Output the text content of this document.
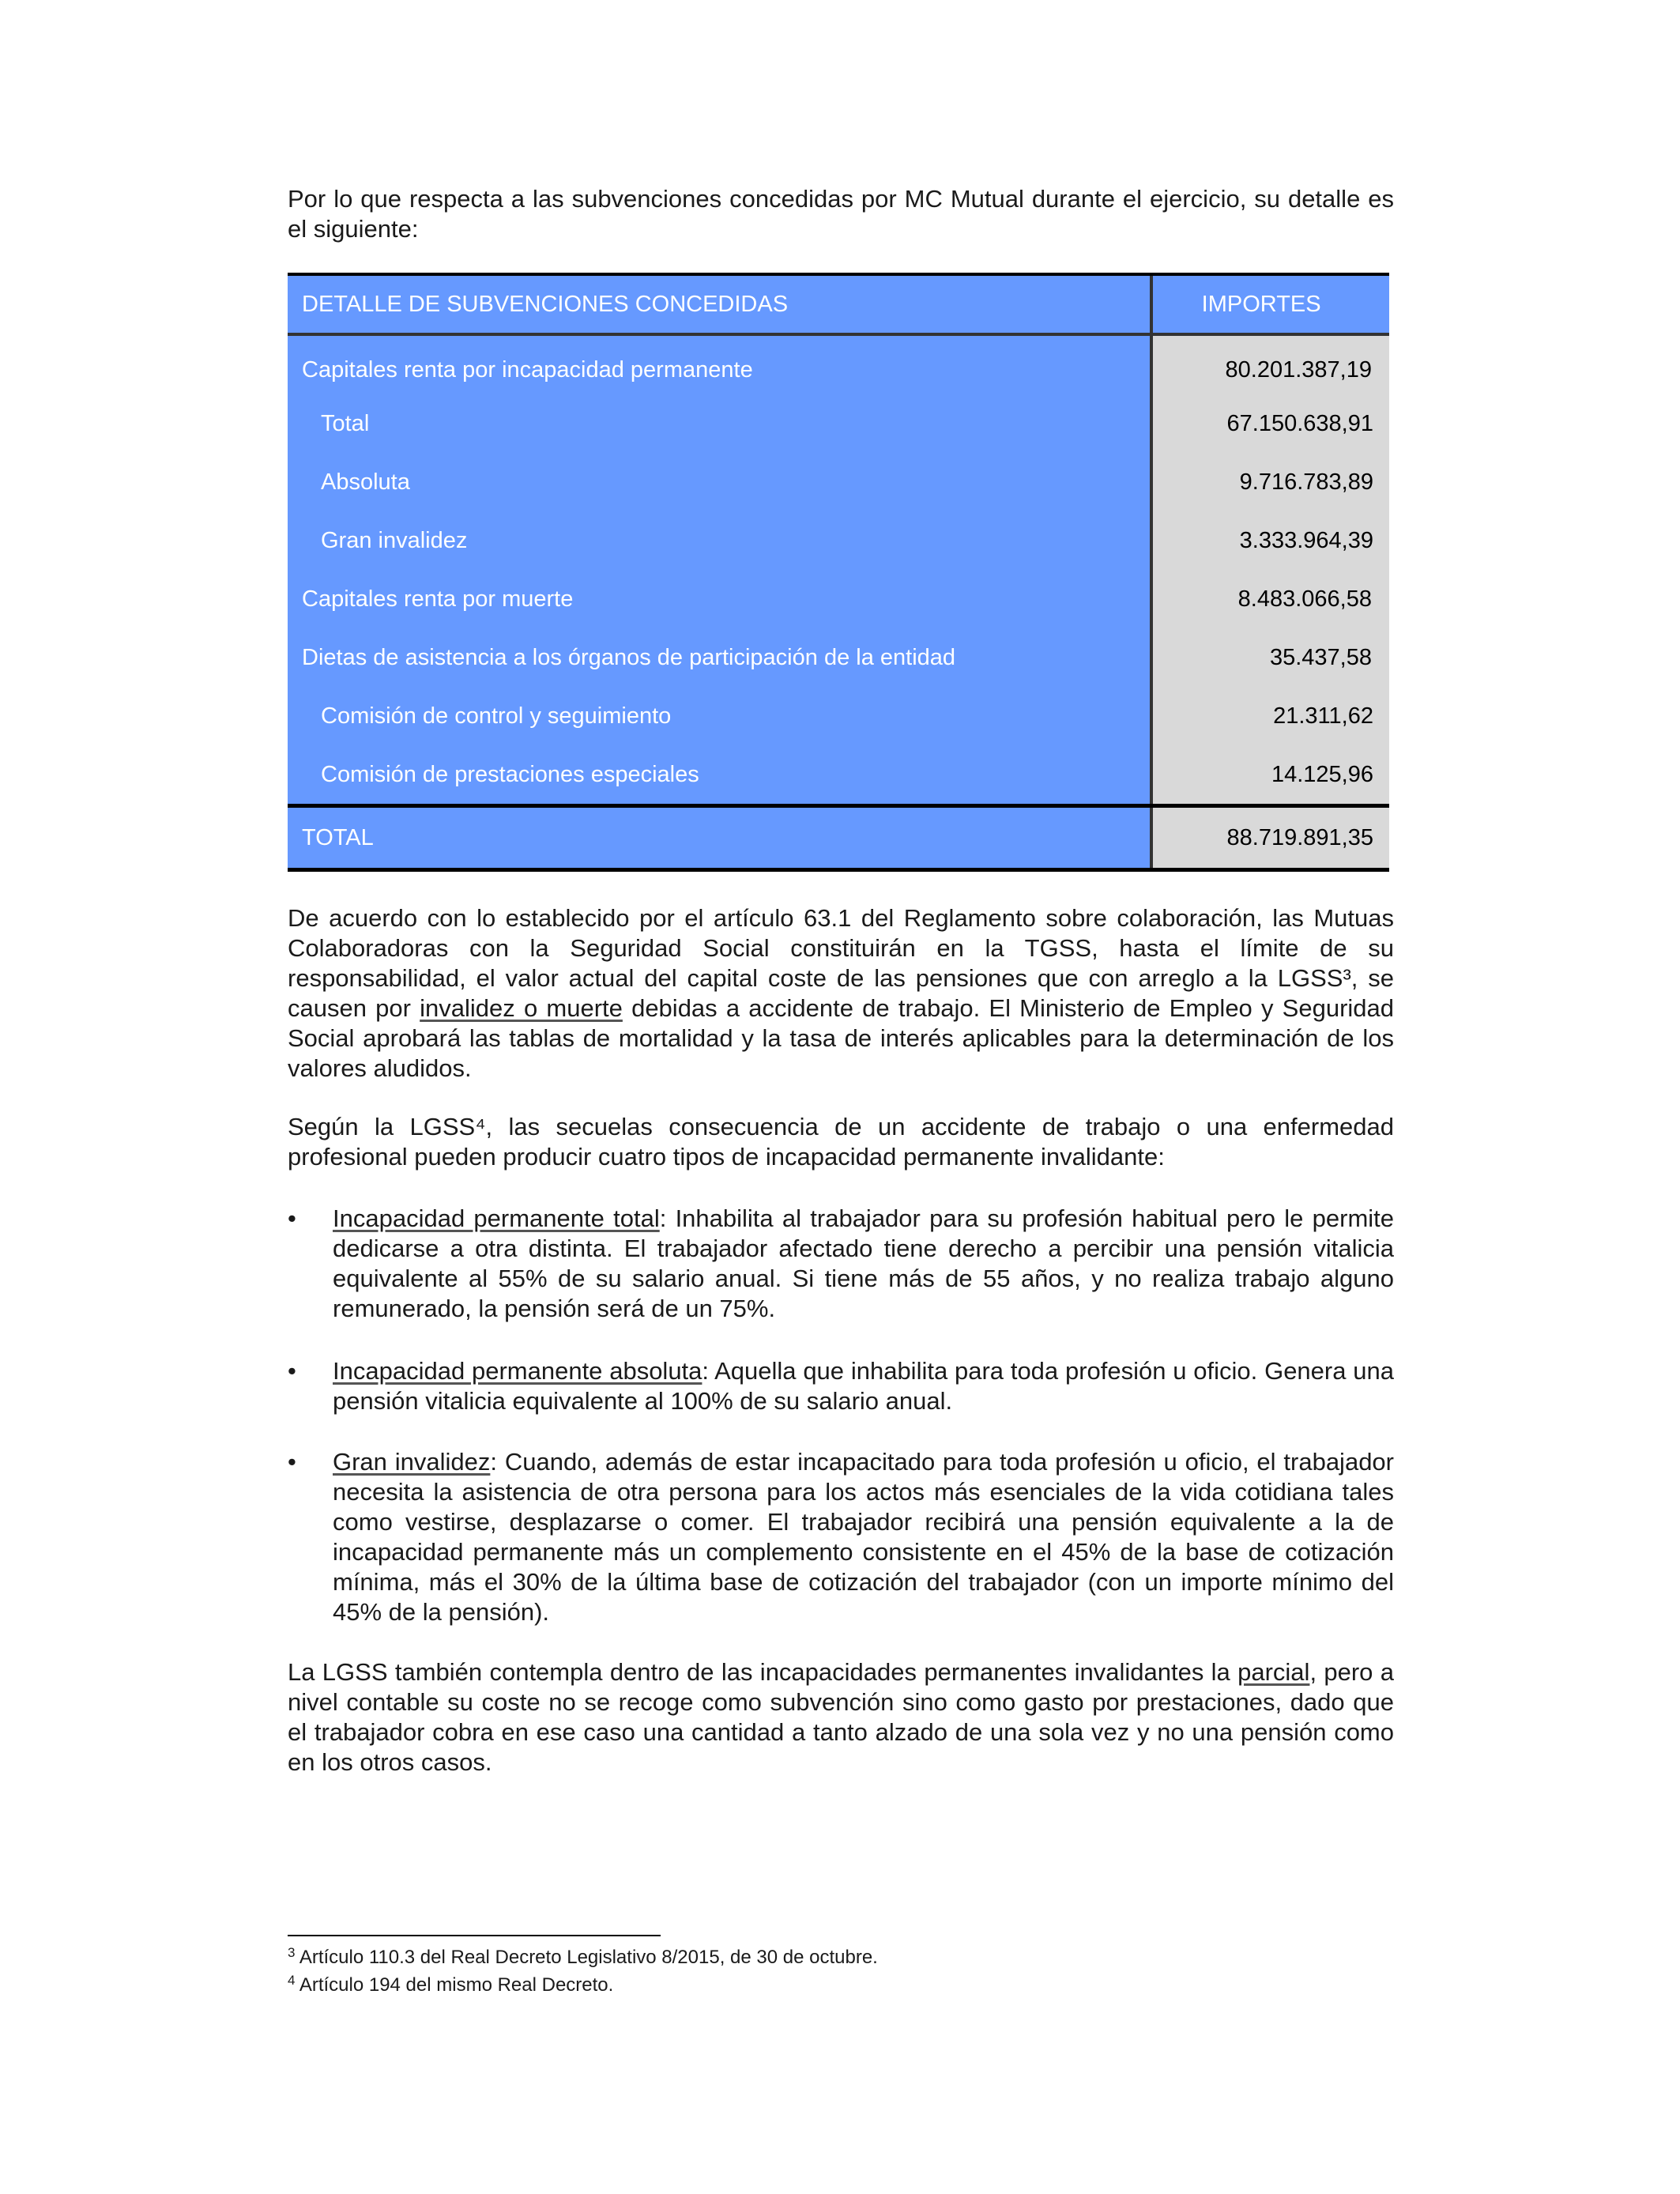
Por lo que respecta a las subvenciones concedidas por MC Mutual durante el ejercicio, su detalle es el siguiente:

DETALLE DE SUBVENCIONES CONCEDIDAS	IMPORTES
Capitales renta por incapacidad permanente	80.201.387,19
Total	67.150.638,91
Absoluta	9.716.783,89
Gran invalidez	3.333.964,39
Capitales renta por muerte	8.483.066,58
Dietas de asistencia a los órganos de participación de la entidad	35.437,58
Comisión de control y seguimiento	21.311,62
Comisión de prestaciones especiales	14.125,96
TOTAL	88.719.891,35

De acuerdo con lo establecido por el artículo 63.1 del Reglamento sobre colaboración, las Mutuas Colaboradoras con la Seguridad Social constituirán en la TGSS, hasta el límite de su responsabilidad, el valor actual del capital coste de las pensiones que con arreglo a la LGSS³, se causen por invalidez o muerte debidas a accidente de trabajo. El Ministerio de Empleo y Seguridad Social aprobará las tablas de mortalidad y la tasa de interés aplicables para la determinación de los valores aludidos.

Según la LGSS⁴, las secuelas consecuencia de un accidente de trabajo o una enfermedad profesional pueden producir cuatro tipos de incapacidad permanente invalidante:

• Incapacidad permanente total: Inhabilita al trabajador para su profesión habitual pero le permite dedicarse a otra distinta. El trabajador afectado tiene derecho a percibir una pensión vitalicia equivalente al 55% de su salario anual. Si tiene más de 55 años, y no realiza trabajo alguno remunerado, la pensión será de un 75%.

• Incapacidad permanente absoluta: Aquella que inhabilita para toda profesión u oficio. Genera una pensión vitalicia equivalente al 100% de su salario anual.

• Gran invalidez: Cuando, además de estar incapacitado para toda profesión u oficio, el trabajador necesita la asistencia de otra persona para los actos más esenciales de la vida cotidiana tales como vestirse, desplazarse o comer. El trabajador recibirá una pensión equivalente a la de incapacidad permanente más un complemento consistente en el 45% de la base de cotización mínima, más el 30% de la última base de cotización del trabajador (con un importe mínimo del 45% de la pensión).

La LGSS también contempla dentro de las incapacidades permanentes invalidantes la parcial, pero a nivel contable su coste no se recoge como subvención sino como gasto por prestaciones, dado que el trabajador cobra en ese caso una cantidad a tanto alzado de una sola vez y no una pensión como en los otros casos.

$^3$ Artículo 110.3 del Real Decreto Legislativo 8/2015, de 30 de octubre.
$^4$ Artículo 194 del mismo Real Decreto.
